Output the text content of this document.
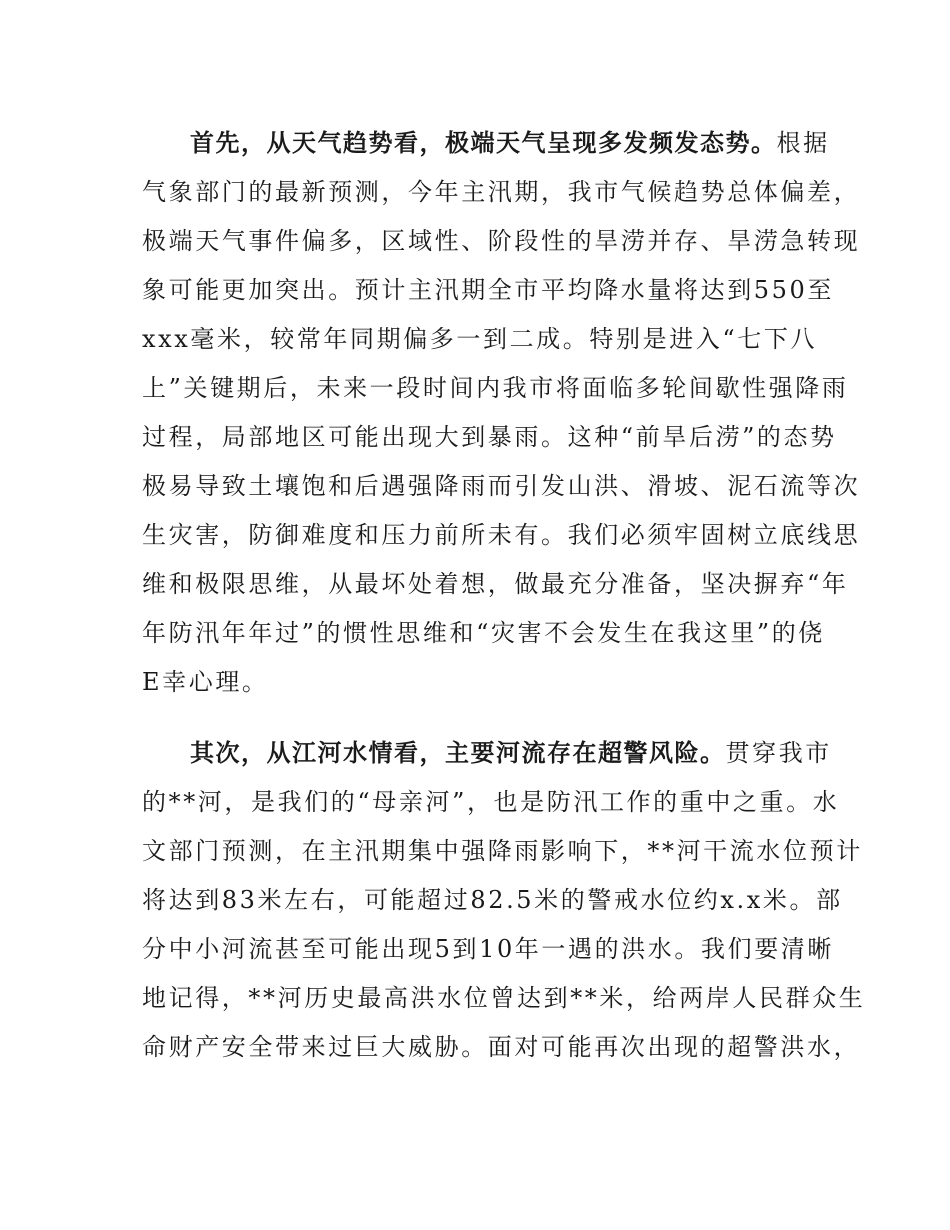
首先，从天气趋势看，极端天气呈现多发频发态势。根据
气象部门的最新预测，今年主汛期，我市气候趋势总体偏差，
极端天气事件偏多，区域性、阶段性的旱涝并存、旱涝急转现
象可能更加突出。预计主汛期全市平均降水量将达到550至
xxx毫米，较常年同期偏多一到二成。特别是进入“七下八
上”关键期后，未来一段时间内我市将面临多轮间歇性强降雨
过程，局部地区可能出现大到暴雨。这种“前旱后涝”的态势
极易导致土壤饱和后遇强降雨而引发山洪、滑坡、泥石流等次
生灾害，防御难度和压力前所未有。我们必须牢固树立底线思
维和极限思维，从最坏处着想，做最充分准备，坚决摒弃“年
年防汛年年过”的惯性思维和“灾害不会发生在我这里”的侥
E幸心理。
其次，从江河水情看，主要河流存在超警风险。贯穿我市
的**河，是我们的“母亲河”，也是防汛工作的重中之重。水
文部门预测，在主汛期集中强降雨影响下，**河干流水位预计
将达到83米左右，可能超过82.5米的警戒水位约x.x米。部
分中小河流甚至可能出现5到10年一遇的洪水。我们要清晰
地记得，**河历史最高洪水位曾达到**米，给两岸人民群众生
命财产安全带来过巨大威胁。面对可能再次出现的超警洪水，
